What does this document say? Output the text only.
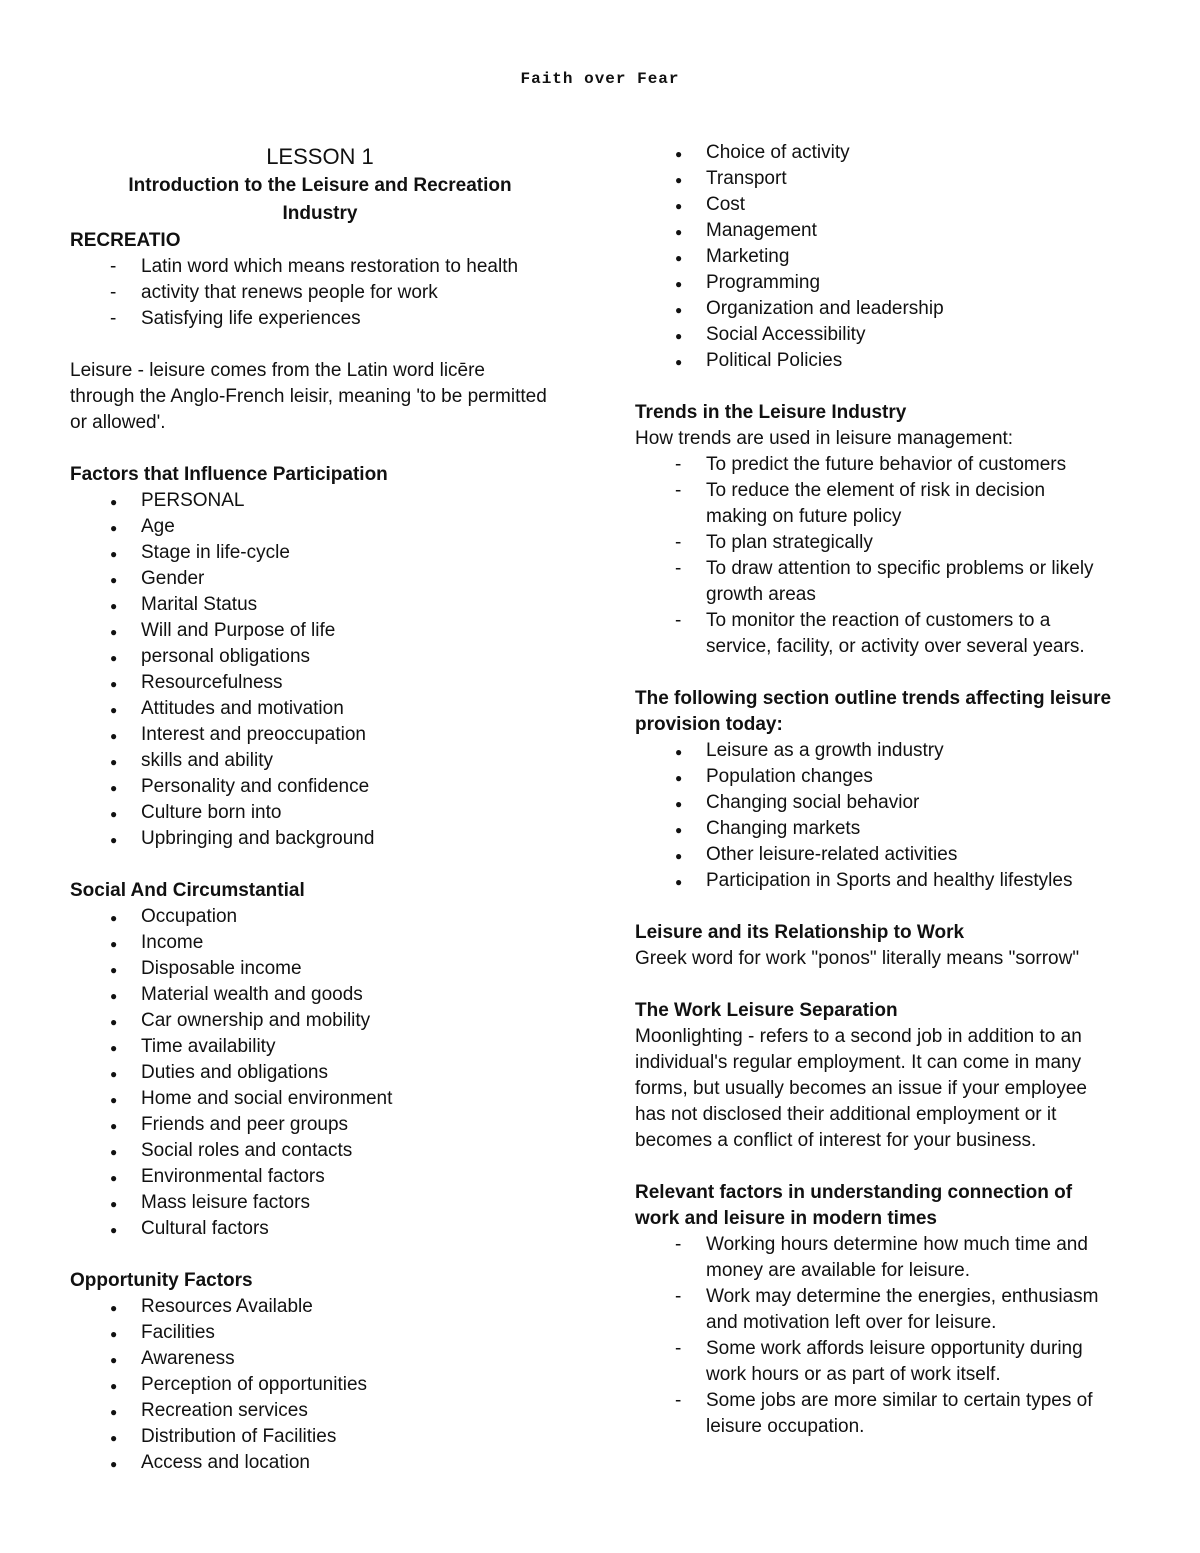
Faith over Fear

LESSON 1

Introduction to the Leisure and Recreation

Industry

RECREATIO

-
Latin word which means restoration to health
-
activity that renews people for work
-
Satisfying life experiences

Leisure - leisure comes from the Latin word licēre

through the Anglo-French leisir, meaning 'to be permitted

or allowed'.

Factors that Influence Participation

●
PERSONAL
●
Age
●
Stage in life-cycle
●
Gender
●
Marital Status
●
Will and Purpose of life
●
personal obligations
●
Resourcefulness
●
Attitudes and motivation
●
Interest and preoccupation
●
skills and ability
●
Personality and confidence
●
Culture born into
●
Upbringing and background

Social And Circumstantial

●
Occupation
●
Income
●
Disposable income
●
Material wealth and goods
●
Car ownership and mobility
●
Time availability
●
Duties and obligations
●
Home and social environment
●
Friends and peer groups
●
Social roles and contacts
●
Environmental factors
●
Mass leisure factors
●
Cultural factors

Opportunity Factors

●
Resources Available
●
Facilities
●
Awareness
●
Perception of opportunities
●
Recreation services
●
Distribution of Facilities
●
Access and location
●
Choice of activity
●
Transport
●
Cost
●
Management
●
Marketing
●
Programming
●
Organization and leadership
●
Social Accessibility
●
Political Policies

Trends in the Leisure Industry

How trends are used in leisure management:

-
To predict the future behavior of customers
-
To reduce the element of risk in decision
making on future policy
-
To plan strategically
-
To draw attention to specific problems or likely
growth areas
-
To monitor the reaction of customers to a
service, facility, or activity over several years.

The following section outline trends affecting leisure

provision today:

●
Leisure as a growth industry
●
Population changes
●
Changing social behavior
●
Changing markets
●
Other leisure-related activities
●
Participation in Sports and healthy lifestyles

Leisure and its Relationship to Work

Greek word for work "ponos" literally means "sorrow"

The Work Leisure Separation

Moonlighting - refers to a second job in addition to an

individual's regular employment. It can come in many

forms, but usually becomes an issue if your employee

has not disclosed their additional employment or it

becomes a conflict of interest for your business.

Relevant factors in understanding connection of

work and leisure in modern times

-
Working hours determine how much time and
money are available for leisure.
-
Work may determine the energies, enthusiasm
and motivation left over for leisure.
-
Some work affords leisure opportunity during
work hours or as part of work itself.
-
Some jobs are more similar to certain types of
leisure occupation.
